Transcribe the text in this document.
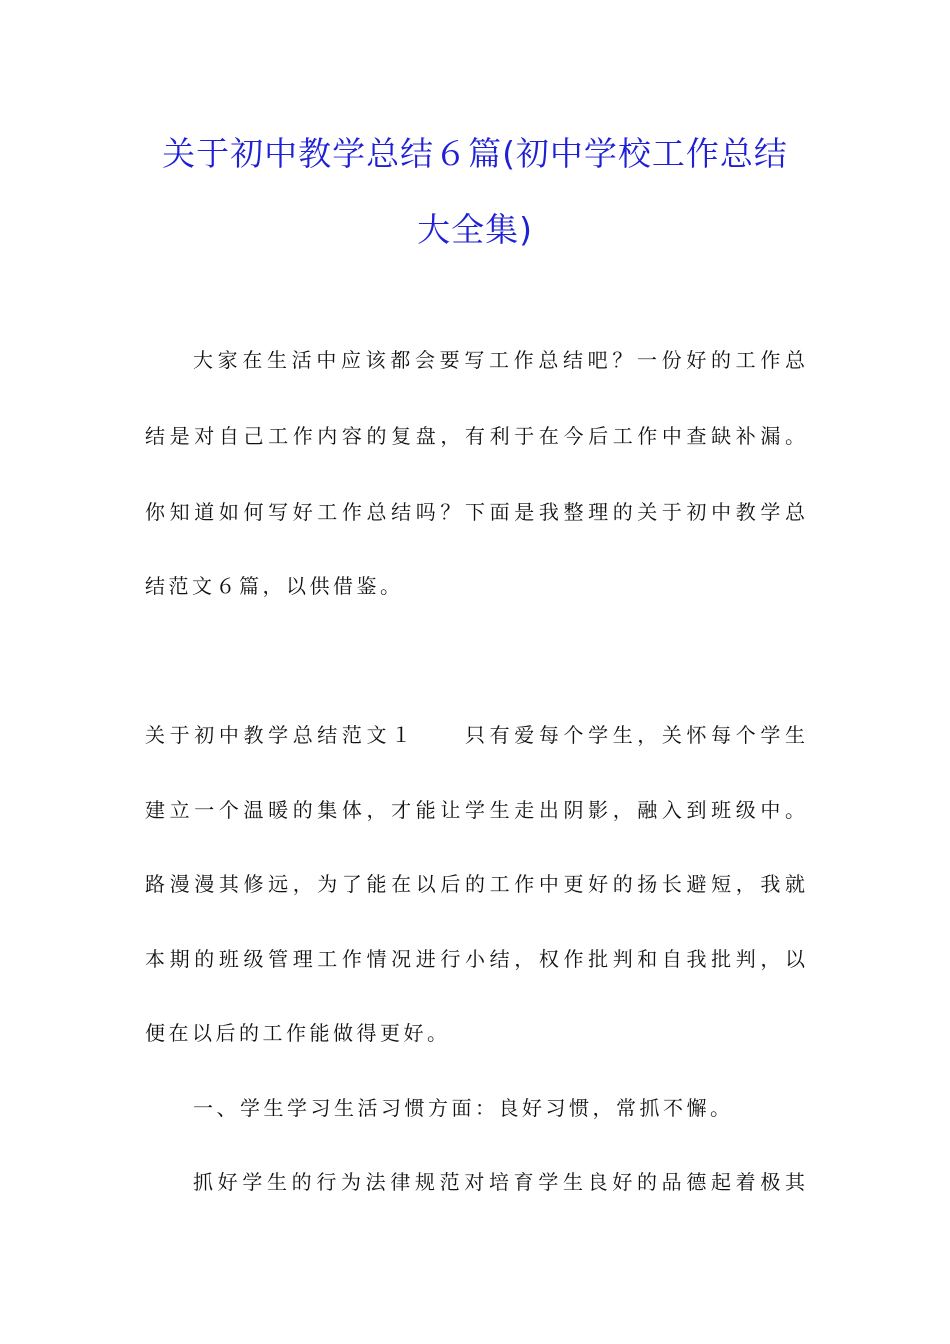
关于初中教学总结６篇(初中学校工作总结
大全集)
大家在生活中应该都会要写工作总结吧？一份好的工作总
结是对自己工作内容的复盘，有利于在今后工作中查缺补漏。
你知道如何写好工作总结吗？下面是我整理的关于初中教学总
结范文６篇，以供借鉴。
关于初中教学总结范文１　　只有爱每个学生，关怀每个学生
建立一个温暖的集体，才能让学生走出阴影，融入到班级中。
路漫漫其修远，为了能在以后的工作中更好的扬长避短，我就
本期的班级管理工作情况进行小结，权作批判和自我批判，以
便在以后的工作能做得更好。
一、学生学习生活习惯方面：良好习惯，常抓不懈。
抓好学生的行为法律规范对培育学生良好的品德起着极其
